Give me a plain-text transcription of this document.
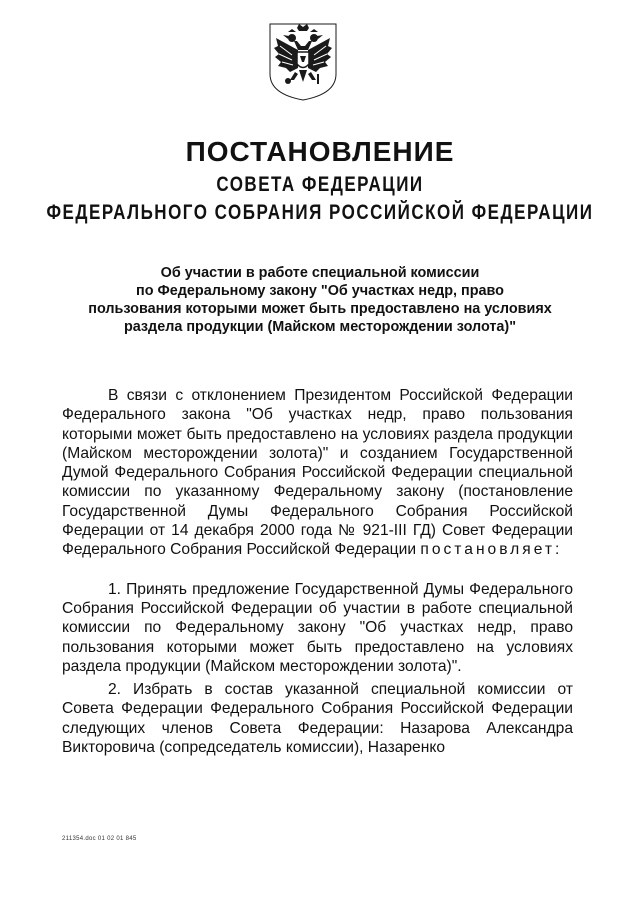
ПОСТАНОВЛЕНИЕ
СОВЕТА ФЕДЕРАЦИИ
ФЕДЕРАЛЬНОГО СОБРАНИЯ РОССИЙСКОЙ ФЕДЕРАЦИИ
Об участии в работе специальной комиссии
по Федеральному закону "Об участках недр, право
пользования которыми может быть предоставлено на условиях
раздела продукции (Майском месторождении золота)"

В связи с отклонением Президентом Российской Федерации Федерального закона "Об участках недр, право пользования которыми может быть предоставлено на условиях раздела продукции (Майском месторождении золота)" и созданием Государственной Думой Федерального Собрания Российской Федерации специальной комиссии по указанному Федеральному закону (постановление Государственной Думы Федерального Собрания Российской Федерации от 14 декабря 2000 года № 921-III ГД) Совет Федерации Федерального Собрания Российской Федерации постановляет:

1. Принять предложение Государственной Думы Федерального Собрания Российской Федерации об участии в работе специальной комиссии по Федеральному закону "Об участках недр, право пользования которыми может быть предоставлено на условиях раздела продукции (Майском месторождении золота)".

2. Избрать в состав указанной специальной комиссии от Совета Федерации Федерального Собрания Российской Федерации следующих членов Совета Федерации: Назарова Александра Викторовича (сопредседатель комиссии), Назаренко

211354.doc 01 02 01 845
